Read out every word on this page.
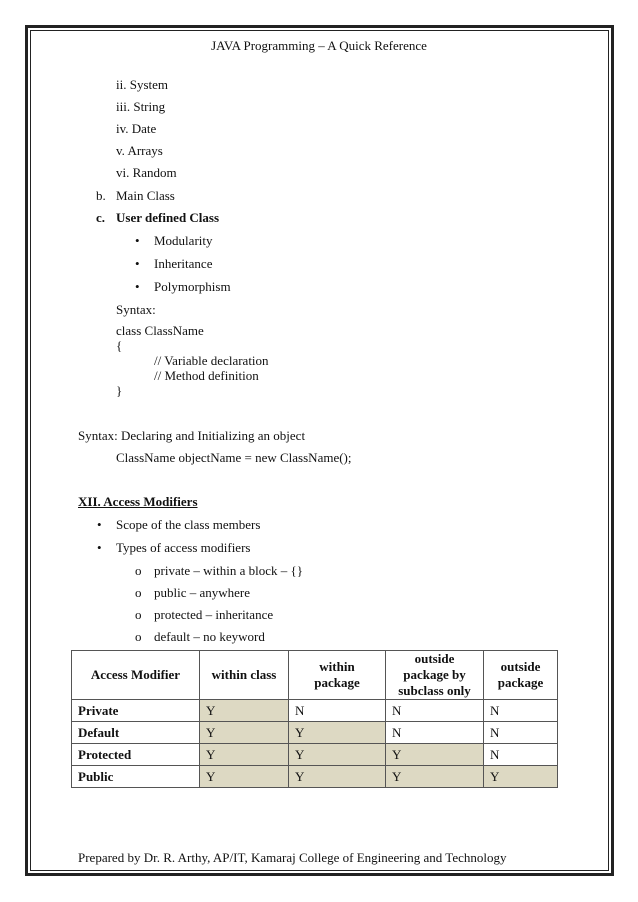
JAVA Programming – A Quick Reference
ii. System
iii. String
iv. Date
v. Arrays
vi. Random
b. Main Class
c. User defined Class
• Modularity
• Inheritance
• Polymorphism
Syntax:
class ClassName
{
// Variable declaration
// Method definition
}
Syntax: Declaring and Initializing an object
ClassName objectName = new ClassName();
XII. Access Modifiers
• Scope of the class members
• Types of access modifiers
o private – within a block – {}
o public – anywhere
o protected – inheritance
o default – no keyword
Access Modifier	within class	within package	outside package by subclass only	outside package
Private	Y	N	N	N
Default	Y	Y	N	N
Protected	Y	Y	Y	N
Public	Y	Y	Y	Y
Prepared by Dr. R. Arthy, AP/IT, Kamaraj College of Engineering and Technology
